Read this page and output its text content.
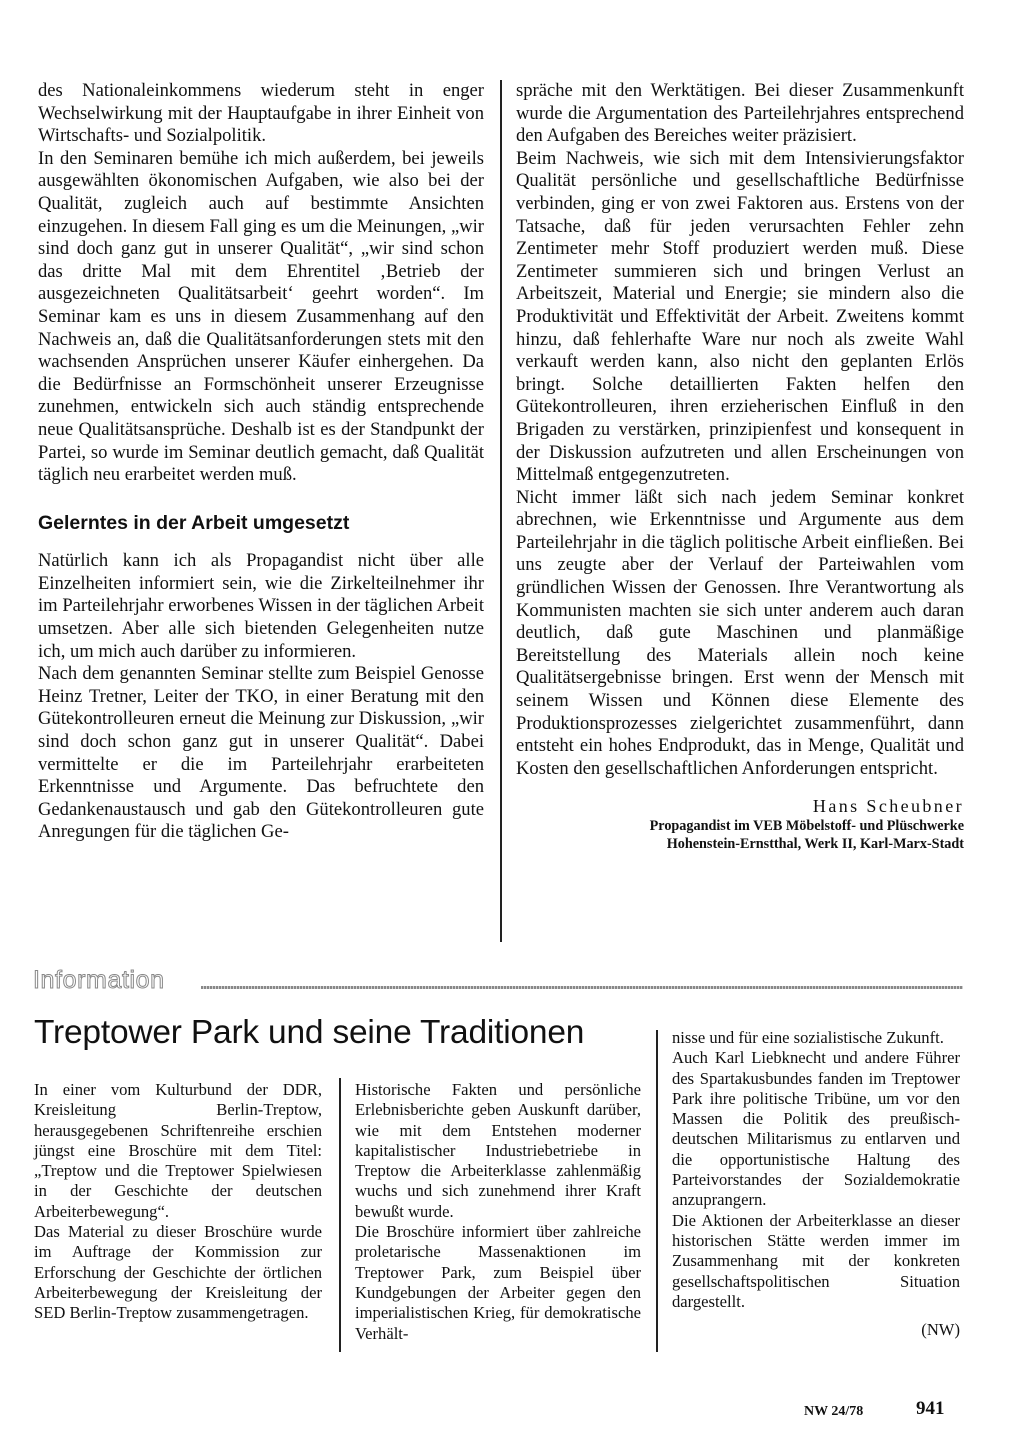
des Nationaleinkommens wiederum steht in enger Wechselwirkung mit der Hauptaufgabe in ihrer Einheit von Wirtschafts- und Sozialpolitik.

In den Seminaren bemühe ich mich außerdem, bei jeweils ausgewählten ökonomischen Aufgaben, wie also bei der Qualität, zugleich auch auf bestimmte Ansichten einzugehen. In diesem Fall ging es um die Meinungen, „wir sind doch ganz gut in unserer Qualität“, „wir sind schon das dritte Mal mit dem Ehrentitel ‚Betrieb der ausgezeichneten Qualitätsarbeit‘ geehrt worden“. Im Seminar kam es uns in diesem Zusammenhang auf den Nachweis an, daß die Qualitätsanforderungen stets mit den wachsenden Ansprüchen unserer Käufer einhergehen. Da die Bedürfnisse an Formschönheit unserer Erzeugnisse zunehmen, entwickeln sich auch ständig entsprechende neue Qualitätsansprüche. Deshalb ist es der Standpunkt der Partei, so wurde im Seminar deutlich gemacht, daß Qualität täglich neu erarbeitet werden muß.

Gelerntes in der Arbeit umgesetzt

Natürlich kann ich als Propagandist nicht über alle Einzelheiten informiert sein, wie die Zirkelteilnehmer ihr im Parteilehrjahr erworbenes Wissen in der täglichen Arbeit umsetzen. Aber alle sich bietenden Gelegenheiten nutze ich, um mich auch darüber zu informieren.

Nach dem genannten Seminar stellte zum Beispiel Genosse Heinz Tretner, Leiter der TKO, in einer Beratung mit den Gütekontrolleuren erneut die Meinung zur Diskussion, „wir sind doch schon ganz gut in unserer Qualität“. Dabei vermittelte er die im Parteilehrjahr erarbeiteten Erkenntnisse und Argumente. Das befruchtete den Gedankenaustausch und gab den Gütekontrolleuren gute Anregungen für die täglichen Ge-

spräche mit den Werktätigen. Bei dieser Zusammenkunft wurde die Argumentation des Parteilehrjahres entsprechend den Aufgaben des Bereiches weiter präzisiert.

Beim Nachweis, wie sich mit dem Intensivierungsfaktor Qualität persönliche und gesellschaftliche Bedürfnisse verbinden, ging er von zwei Faktoren aus. Erstens von der Tatsache, daß für jeden verursachten Fehler zehn Zentimeter mehr Stoff produziert werden muß. Diese Zentimeter summieren sich und bringen Verlust an Arbeitszeit, Material und Energie; sie mindern also die Produktivität und Effektivität der Arbeit. Zweitens kommt hinzu, daß fehlerhafte Ware nur noch als zweite Wahl verkauft werden kann, also nicht den geplanten Erlös bringt. Solche detaillierten Fakten helfen den Gütekontrolleuren, ihren erzieherischen Einfluß in den Brigaden zu verstärken, prinzipienfest und konsequent in der Diskussion aufzutreten und allen Erscheinungen von Mittelmaß entgegenzutreten.

Nicht immer läßt sich nach jedem Seminar konkret abrechnen, wie Erkenntnisse und Argumente aus dem Parteilehrjahr in die täglich politische Arbeit einfließen. Bei uns zeugte aber der Verlauf der Parteiwahlen vom gründlichen Wissen der Genossen. Ihre Verantwortung als Kommunisten machten sie sich unter anderem auch daran deutlich, daß gute Maschinen und planmäßige Bereitstellung des Materials allein noch keine Qualitätsergebnisse bringen. Erst wenn der Mensch mit seinem Wissen und Können diese Elemente des Produktionsprozesses zielgerichtet zusammenführt, dann entsteht ein hohes Endprodukt, das in Menge, Qualität und Kosten den gesellschaftlichen Anforderungen entspricht.

Hans Scheubner
Propagandist im VEB Möbelstoff- und Plüschwerke
Hohenstein-Ernstthal, Werk II, Karl-Marx-Stadt
Information
Treptower Park und seine Traditionen

In einer vom Kulturbund der DDR, Kreisleitung Berlin-Treptow, herausgegebenen Schriftenreihe erschien jüngst eine Broschüre mit dem Titel: „Treptow und die Treptower Spielwiesen in der Geschichte der deutschen Arbeiterbewegung“.

Das Material zu dieser Broschüre wurde im Auftrage der Kommission zur Erforschung der Geschichte der örtlichen Arbeiterbewegung der Kreisleitung der SED Berlin-Treptow zusammengetragen.

Historische Fakten und persönliche Erlebnisberichte geben Auskunft darüber, wie mit dem Entstehen moderner kapitalistischer Industriebetriebe in Treptow die Arbeiterklasse zahlenmäßig wuchs und sich zunehmend ihrer Kraft bewußt wurde.

Die Broschüre informiert über zahlreiche proletarische Massenaktionen im Treptower Park, zum Beispiel über Kundgebungen der Arbeiter gegen den imperialistischen Krieg, für demokratische Verhält-

nisse und für eine sozialistische Zukunft.

Auch Karl Liebknecht und andere Führer des Spartakusbundes fanden im Treptower Park ihre politische Tribüne, um vor den Massen die Politik des preußisch-deutschen Militarismus zu entlarven und die opportunistische Haltung des Parteivorstandes der Sozialdemokratie anzuprangern.

Die Aktionen der Arbeiterklasse an dieser historischen Stätte werden immer im Zusammenhang mit der konkreten gesellschaftspolitischen Situation dargestellt.

(NW)
NW 24/78	941
